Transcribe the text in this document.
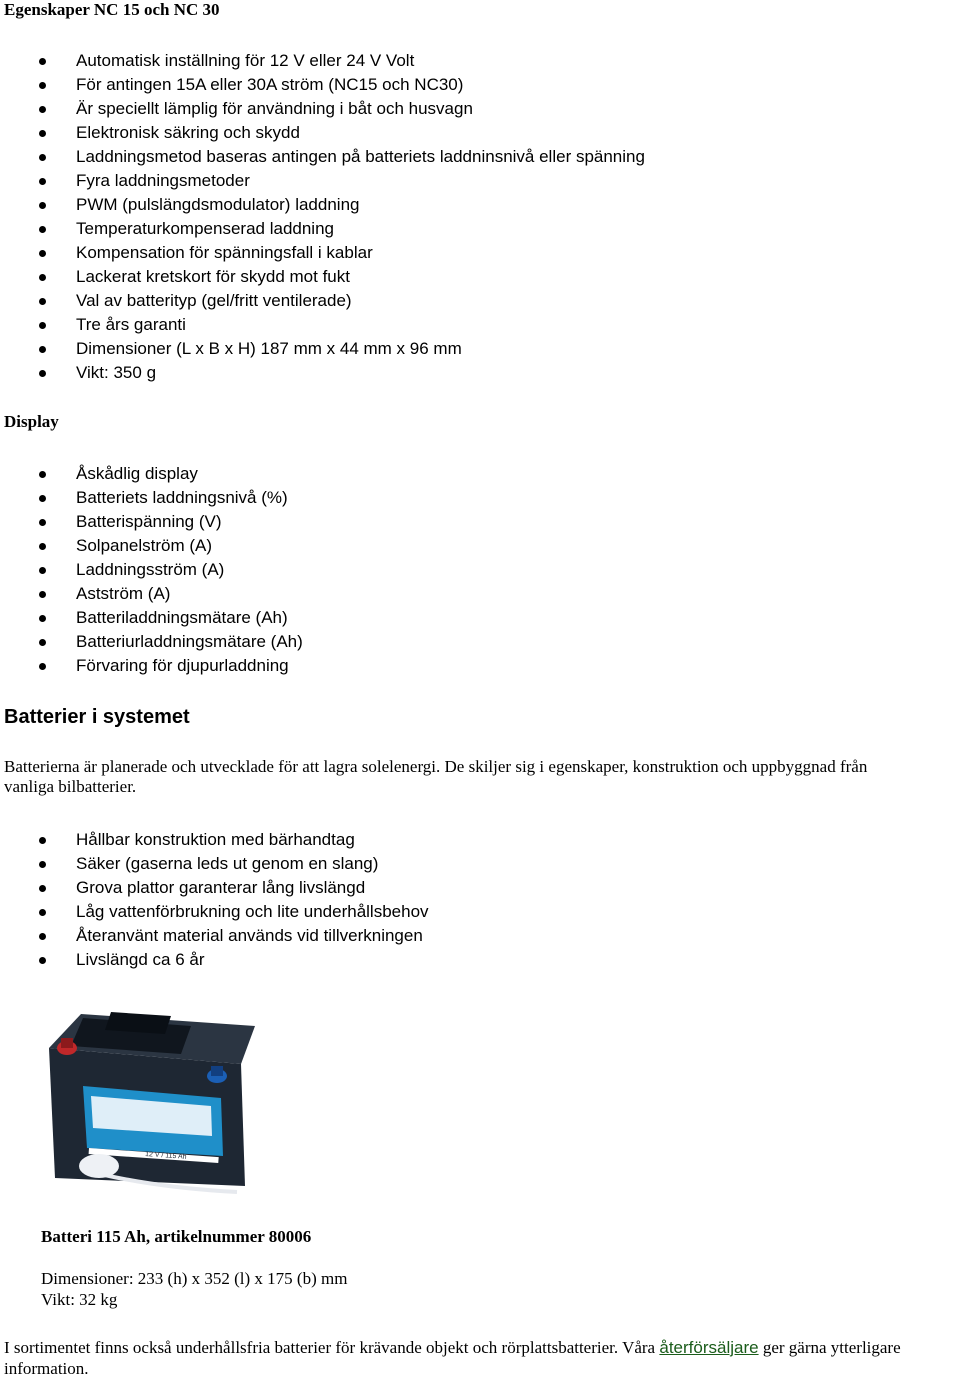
Egenskaper NC 15 och NC 30
Automatisk inställning för 12 V eller 24 V Volt
För antingen 15A eller 30A ström (NC15 och NC30)
Är speciellt lämplig för användning i båt och husvagn
Elektronisk säkring och skydd
Laddningsmetod baseras antingen på batteriets laddninsnivå eller spänning
Fyra laddningsmetoder
PWM (pulslängdsmodulator) laddning
Temperaturkompenserad laddning
Kompensation för spänningsfall i kablar
Lackerat kretskort för skydd mot fukt
Val av batterityp (gel/fritt ventilerade)
Tre års garanti
Dimensioner (L x B x H) 187 mm x 44 mm x 96 mm
Vikt: 350 g
Display
Åskådlig display
Batteriets laddningsnivå (%)
Batterispänning (V)
Solpanelström (A)
Laddningsström (A)
Astström (A)
Batteriladdningsmätare (Ah)
Batteriurladdningsmätare (Ah)
Förvaring för djupurladdning
Batterier i systemet
Batterierna är planerade och utvecklade för att lagra solelenergi. De skiljer sig i egenskaper, konstruktion och uppbyggnad från
vanliga bilbatterier.
Hållbar konstruktion med bärhandtag
Säker (gaserna leds ut genom en slang)
Grova plattor garanterar lång livslängd
Låg vattenförbrukning och lite underhållsbehov
Återanvänt material används vid tillverkningen
Livslängd ca 6 år
12 V / 115 Ah
Batteri 115 Ah, artikelnummer 80006
Dimensioner: 233 (h) x 352 (l) x 175 (b) mm
Vikt: 32 kg
I sortimentet finns också underhållsfria batterier för krävande objekt och rörplattsbatterier. Våra återförsäljare ger gärna ytterligare
information.
